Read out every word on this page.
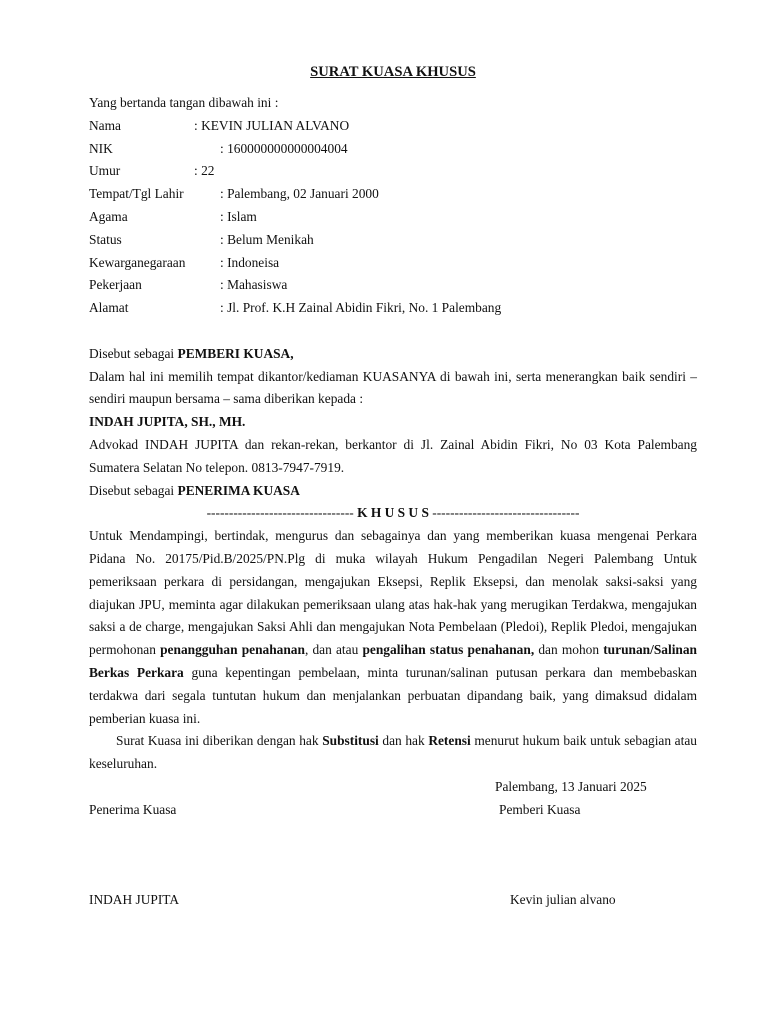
SURAT KUASA KHUSUS
Yang bertanda tangan dibawah ini :
Nama	: KEVIN JULIAN ALVANO
NIK	: 160000000000004004
Umur	: 22
Tempat/Tgl Lahir	: Palembang, 02 Januari 2000
Agama	: Islam
Status	: Belum Menikah
Kewarganegaraan	: Indoneisa
Pekerjaan	: Mahasiswa
Alamat	: Jl. Prof. K.H Zainal Abidin Fikri, No. 1 Palembang
Disebut sebagai PEMBERI KUASA,
Dalam hal ini memilih tempat dikantor/kediaman KUASANYA di bawah ini, serta menerangkan baik sendiri – sendiri maupun bersama – sama diberikan kepada :
INDAH JUPITA, SH., MH.
Advokad INDAH JUPITA dan rekan-rekan, berkantor di Jl. Zainal Abidin Fikri, No 03 Kota Palembang Sumatera Selatan No telepon. 0813-7947-7919.
Disebut sebagai PENERIMA KUASA
--------------------------------- K H U S U S ---------------------------------
Untuk Mendampingi, bertindak, mengurus dan sebagainya dan yang memberikan kuasa mengenai Perkara Pidana No. 20175/Pid.B/2025/PN.Plg di muka wilayah Hukum Pengadilan Negeri Palembang Untuk pemeriksaan perkara di persidangan, mengajukan Eksepsi, Replik Eksepsi, dan menolak saksi-saksi yang diajukan JPU, meminta agar dilakukan pemeriksaan ulang atas hak-hak yang merugikan Terdakwa, mengajukan saksi a de charge, mengajukan Saksi Ahli dan mengajukan Nota Pembelaan (Pledoi), Replik Pledoi, mengajukan permohonan penangguhan penahanan, dan atau pengalihan status penahanan, dan mohon turunan/Salinan Berkas Perkara guna kepentingan pembelaan, minta turunan/salinan putusan perkara dan membebaskan terdakwa dari segala tuntutan hukum dan menjalankan perbuatan dipandang baik, yang dimaksud didalam pemberian kuasa ini.
Surat Kuasa ini diberikan dengan hak Substitusi dan hak Retensi menurut hukum baik untuk sebagian atau keseluruhan.
Palembang, 13 Januari 2025
Penerima Kuasa	Pemberi Kuasa
INDAH JUPITA	Kevin julian alvano
